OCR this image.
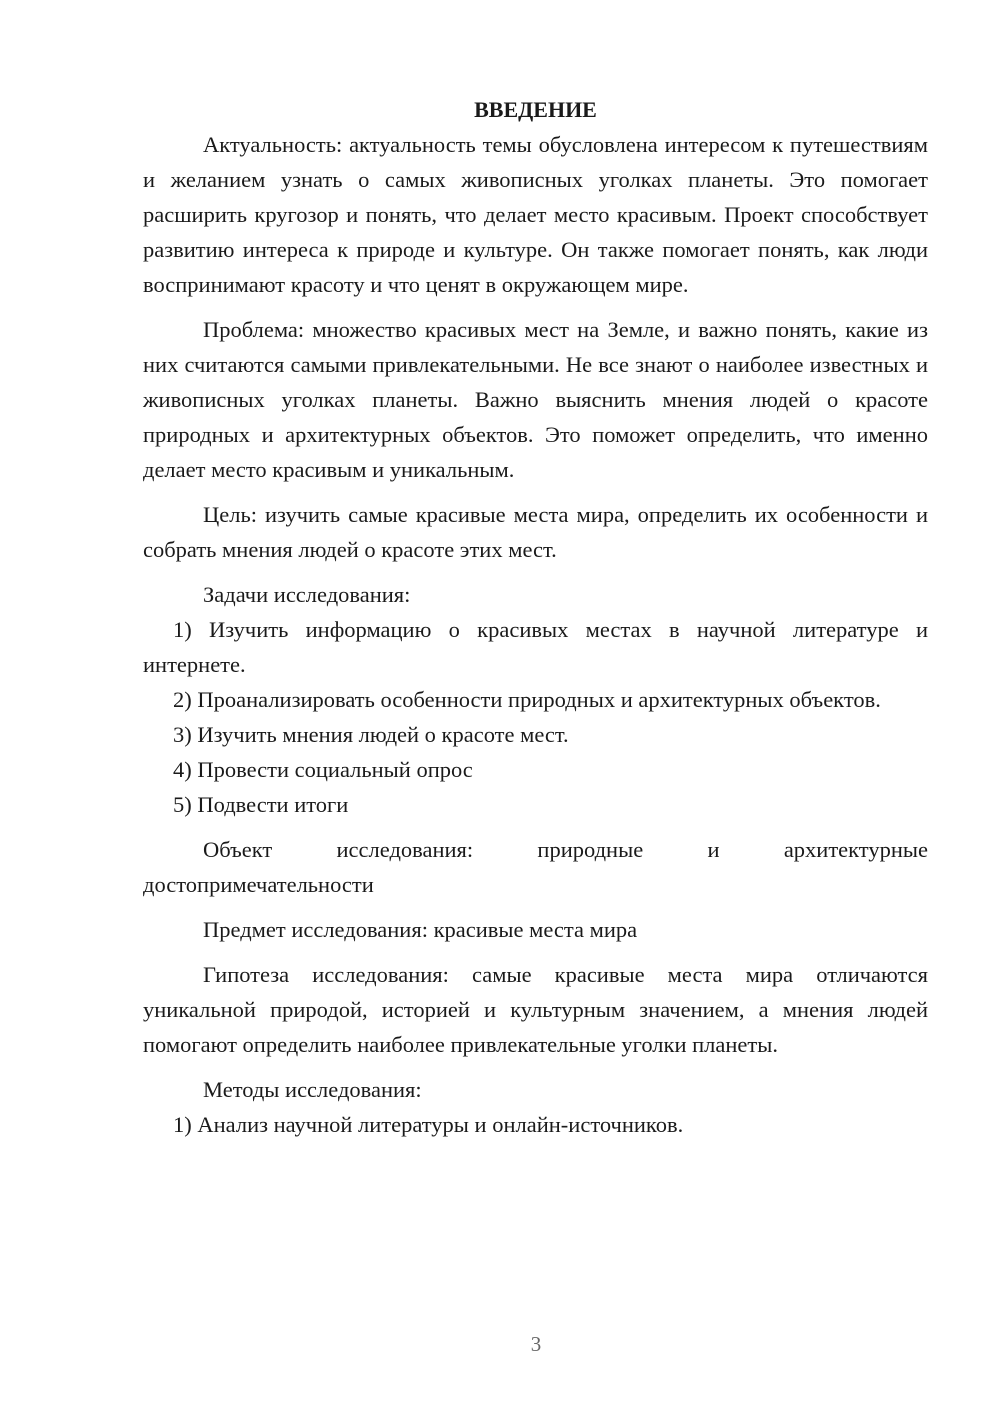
ВВЕДЕНИЕ

Актуальность: актуальность темы обусловлена интересом к путешествиям и желанием узнать о самых живописных уголках планеты. Это помогает расширить кругозор и понять, что делает место красивым. Проект способствует развитию интереса к природе и культуре. Он также помогает понять, как люди воспринимают красоту и что ценят в окружающем мире.

Проблема: множество красивых мест на Земле, и важно понять, какие из них считаются самыми привлекательными. Не все знают о наиболее известных и живописных уголках планеты. Важно выяснить мнения людей о красоте природных и архитектурных объектов. Это поможет определить, что именно делает место красивым и уникальным.

Цель: изучить самые красивые места мира, определить их особенности и собрать мнения людей о красоте этих мест.

Задачи исследования:

1) Изучить информацию о красивых местах в научной литературе и интернете.

2) Проанализировать особенности природных и архитектурных объектов.

3) Изучить мнения людей о красоте мест.

4) Провести социальный опрос

5) Подвести итоги

Объект исследования: природные и архитектурные достопримечательности

Предмет исследования: красивые места мира

Гипотеза исследования: самые красивые места мира отличаются уникальной природой, историей и культурным значением, а мнения людей помогают определить наиболее привлекательные уголки планеты.

Методы исследования:

1) Анализ научной литературы и онлайн-источников.

3
